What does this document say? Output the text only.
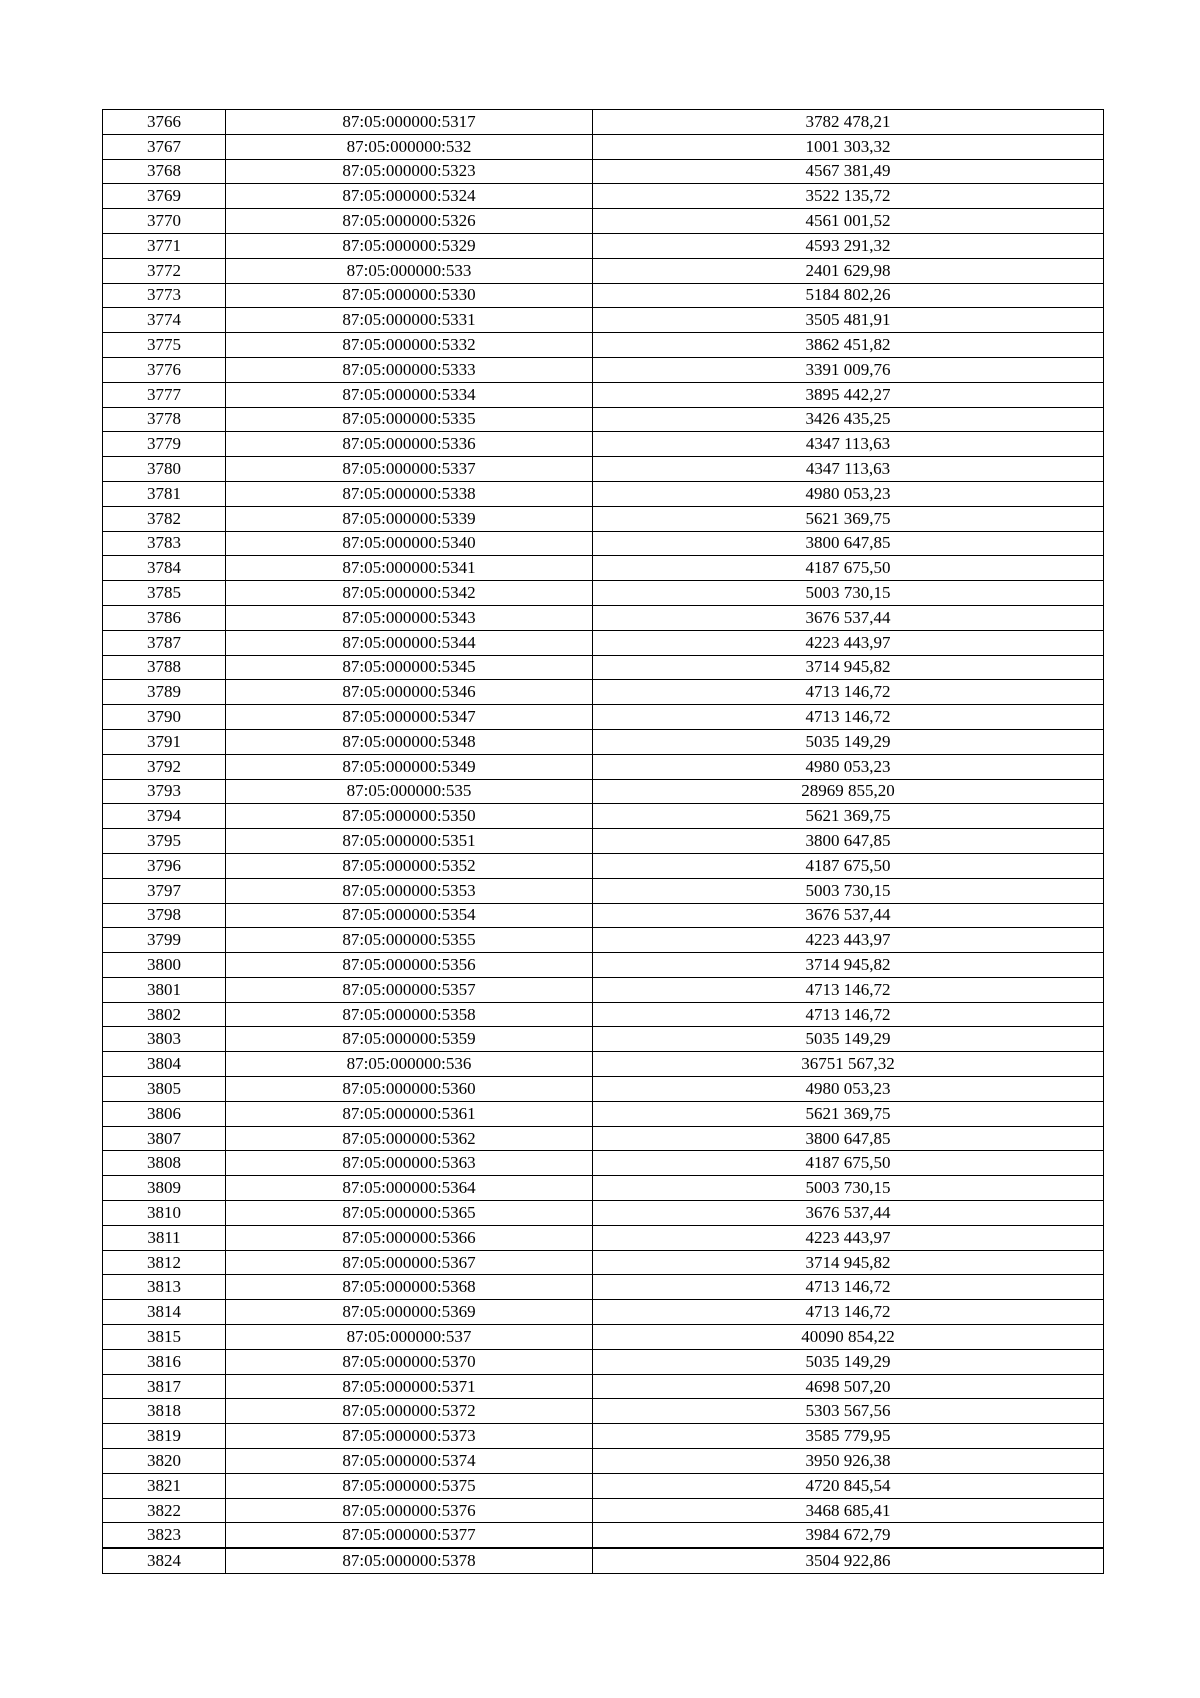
3766	87:05:000000:5317	3782 478,21
3767	87:05:000000:532	1001 303,32
3768	87:05:000000:5323	4567 381,49
3769	87:05:000000:5324	3522 135,72
3770	87:05:000000:5326	4561 001,52
3771	87:05:000000:5329	4593 291,32
3772	87:05:000000:533	2401 629,98
3773	87:05:000000:5330	5184 802,26
3774	87:05:000000:5331	3505 481,91
3775	87:05:000000:5332	3862 451,82
3776	87:05:000000:5333	3391 009,76
3777	87:05:000000:5334	3895 442,27
3778	87:05:000000:5335	3426 435,25
3779	87:05:000000:5336	4347 113,63
3780	87:05:000000:5337	4347 113,63
3781	87:05:000000:5338	4980 053,23
3782	87:05:000000:5339	5621 369,75
3783	87:05:000000:5340	3800 647,85
3784	87:05:000000:5341	4187 675,50
3785	87:05:000000:5342	5003 730,15
3786	87:05:000000:5343	3676 537,44
3787	87:05:000000:5344	4223 443,97
3788	87:05:000000:5345	3714 945,82
3789	87:05:000000:5346	4713 146,72
3790	87:05:000000:5347	4713 146,72
3791	87:05:000000:5348	5035 149,29
3792	87:05:000000:5349	4980 053,23
3793	87:05:000000:535	28969 855,20
3794	87:05:000000:5350	5621 369,75
3795	87:05:000000:5351	3800 647,85
3796	87:05:000000:5352	4187 675,50
3797	87:05:000000:5353	5003 730,15
3798	87:05:000000:5354	3676 537,44
3799	87:05:000000:5355	4223 443,97
3800	87:05:000000:5356	3714 945,82
3801	87:05:000000:5357	4713 146,72
3802	87:05:000000:5358	4713 146,72
3803	87:05:000000:5359	5035 149,29
3804	87:05:000000:536	36751 567,32
3805	87:05:000000:5360	4980 053,23
3806	87:05:000000:5361	5621 369,75
3807	87:05:000000:5362	3800 647,85
3808	87:05:000000:5363	4187 675,50
3809	87:05:000000:5364	5003 730,15
3810	87:05:000000:5365	3676 537,44
3811	87:05:000000:5366	4223 443,97
3812	87:05:000000:5367	3714 945,82
3813	87:05:000000:5368	4713 146,72
3814	87:05:000000:5369	4713 146,72
3815	87:05:000000:537	40090 854,22
3816	87:05:000000:5370	5035 149,29
3817	87:05:000000:5371	4698 507,20
3818	87:05:000000:5372	5303 567,56
3819	87:05:000000:5373	3585 779,95
3820	87:05:000000:5374	3950 926,38
3821	87:05:000000:5375	4720 845,54
3822	87:05:000000:5376	3468 685,41
3823	87:05:000000:5377	3984 672,79
3824	87:05:000000:5378	3504 922,86
